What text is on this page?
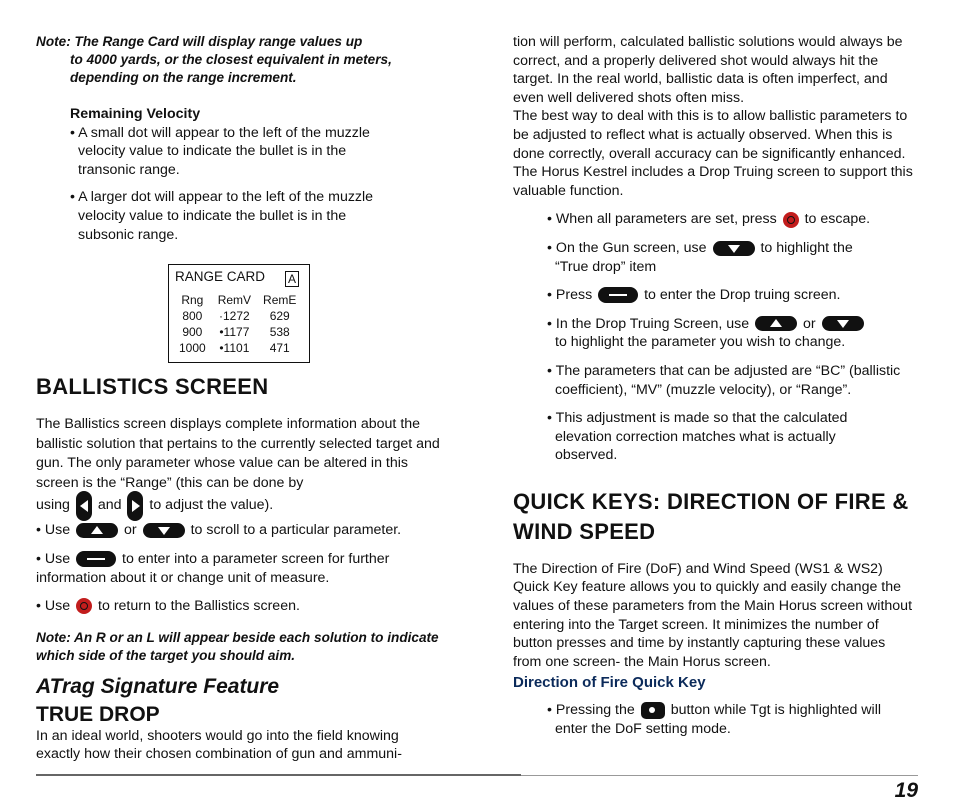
Note: The Range Card will display range values up
to 4000 yards, or the closest equivalent in meters,
depending on the range increment.
Remaining Velocity
• A small dot will appear to the left of the muzzle
velocity value to indicate the bullet is in the
transonic range.
• A larger dot will appear to the left of the muzzle
velocity value to indicate the bullet is in the
subsonic range.
RANGE CARD A
Rng	RemV	RemE
800	·1272	629
900	•1177	538
1000	•1101	471
BALLISTICS SCREEN

The Ballistics screen displays complete information about the ballistic solution that pertains to the currently selected target and gun. The only parameter whose value can be altered in this screen is the “Range” (this can be done by

using and to adjust the value).
• Use	or	to scroll to a particular parameter.
• Use	to enter into a parameter screen for further
information about it or change unit of measure.
• Use to return to the Ballistics screen.
Note: An R or an L will appear beside each solution to indicate which side of the target you should aim.
ATrag Signature Feature
TRUE DROP

In an ideal world, shooters would go into the field knowing exactly how their chosen combination of gun and ammuni-

tion will perform, calculated ballistic solutions would always be correct, and a properly delivered shot would always hit the target. In the real world, ballistic data is often imperfect, and even well delivered shots often miss.

The best way to deal with this is to allow ballistic parameters to be adjusted to reflect what is actually observed. When this is done correctly, overall accuracy can be significantly enhanced. The Horus Kestrel includes a Drop Truing screen to support this valuable function.

• When all parameters are set, press to escape.
• On the Gun screen, use	to highlight the
“True drop” item
• Press	to enter the Drop truing screen.
• In the Drop Truing Screen, use	or
to highlight the parameter you wish to change.
• The parameters that can be adjusted are “BC” (ballistic coefficient), “MV” (muzzle velocity), or “Range”.
• This adjustment is made so that the calculated elevation correction matches what is actually observed.
QUICK KEYS: DIRECTION OF FIRE &
WIND SPEED

The Direction of Fire (DoF) and Wind Speed (WS1 & WS2) Quick Key feature allows you to quickly and easily change the values of these parameters from the Main Horus screen without entering into the Target screen. It minimizes the number of button presses and time by instantly capturing these values from one screen- the Main Horus screen.

Direction of Fire Quick Key
• Pressing the	button while Tgt is highlighted will
enter the DoF setting mode.
19
